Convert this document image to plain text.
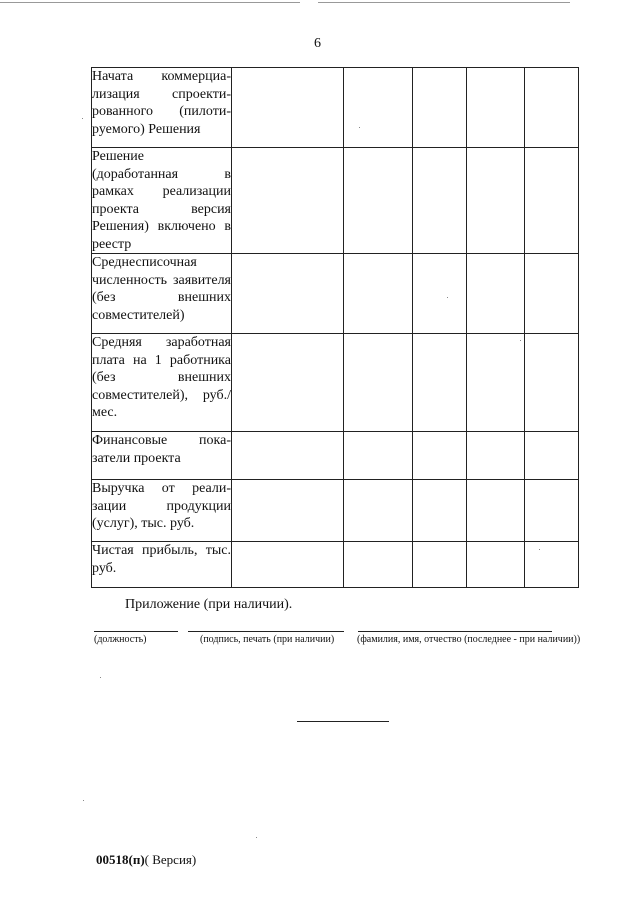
6
Начата коммерциализация спроектированного (пилотируемого) Решения					
Решение (доработанная в рамках реализации проекта версия Решения) включено в реестр					
Среднесписочная численность заявителя (без внешних совместителей)					
Средняя заработная плата на 1 работника (без внешних совместителей), руб./мес.					
Финансовые показатели проекта					
Выручка от реализации продукции (услуг), тыс. руб.					
Чистая прибыль, тыс. руб.					
Приложение (при наличии).
(должность)	(подпись, печать (при наличии) (фамилия, имя, отчество (последнее - при наличии))
00518(п)( Версия)
